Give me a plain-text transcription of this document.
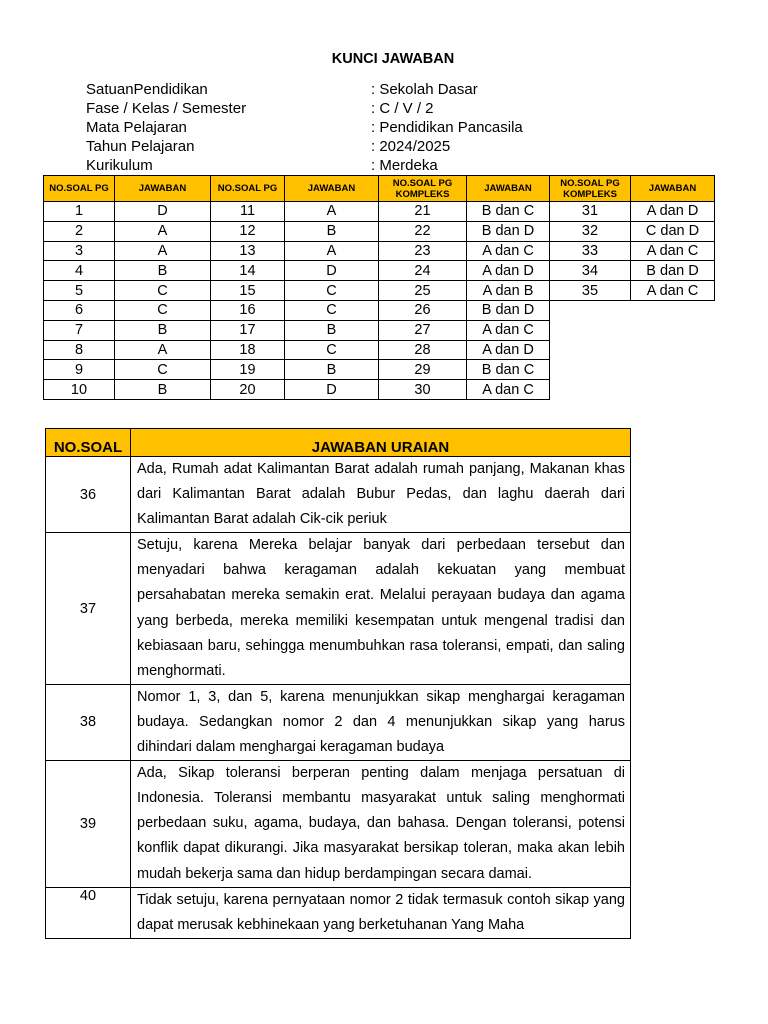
KUNCI JAWABAN
SatuanPendidikan	: Sekolah Dasar
Fase / Kelas / Semester	: C / V / 2
Mata Pelajaran	: Pendidikan Pancasila
Tahun Pelajaran	: 2024/2025
Kurikulum	: Merdeka
NO.SOAL PG	JAWABAN	NO.SOAL PG	JAWABAN	NO.SOAL PG KOMPLEKS	JAWABAN	NO.SOAL PG KOMPLEKS	JAWABAN
1	D	11	A	21	B dan C	31	A dan D
2	A	12	B	22	B dan D	32	C dan D
3	A	13	A	23	A dan C	33	A dan C
4	B	14	D	24	A dan D	34	B dan D
5	C	15	C	25	A dan B	35	A dan C
6	C	16	C	26	B dan D		
7	B	17	B	27	A dan C		
8	A	18	C	28	A dan D		
9	C	19	B	29	B dan C		
10	B	20	D	30	A dan C		
NO.SOAL	JAWABAN URAIAN
36	Ada, Rumah adat Kalimantan Barat adalah rumah panjang, Makanan khas dari Kalimantan Barat adalah Bubur Pedas, dan laghu daerah dari Kalimantan Barat adalah Cik-cik periuk
37	Setuju, karena Mereka belajar banyak dari perbedaan tersebut dan menyadari bahwa keragaman adalah kekuatan yang membuat persahabatan mereka semakin erat. Melalui perayaan budaya dan agama yang berbeda, mereka memiliki kesempatan untuk mengenal tradisi dan kebiasaan baru, sehingga menumbuhkan rasa toleransi, empati, dan saling menghormati.
38	Nomor 1, 3, dan 5, karena menunjukkan sikap menghargai keragaman budaya. Sedangkan nomor 2 dan 4 menunjukkan sikap yang harus dihindari dalam menghargai keragaman budaya
39	Ada, Sikap toleransi berperan penting dalam menjaga persatuan di Indonesia. Toleransi membantu masyarakat untuk saling menghormati perbedaan suku, agama, budaya, dan bahasa. Dengan toleransi, potensi konflik dapat dikurangi. Jika masyarakat bersikap toleran, maka akan lebih mudah bekerja sama dan hidup berdampingan secara damai.
40	Tidak setuju, karena pernyataan nomor 2 tidak termasuk contoh sikap yang dapat merusak kebhinekaan yang berketuhanan Yang Maha
